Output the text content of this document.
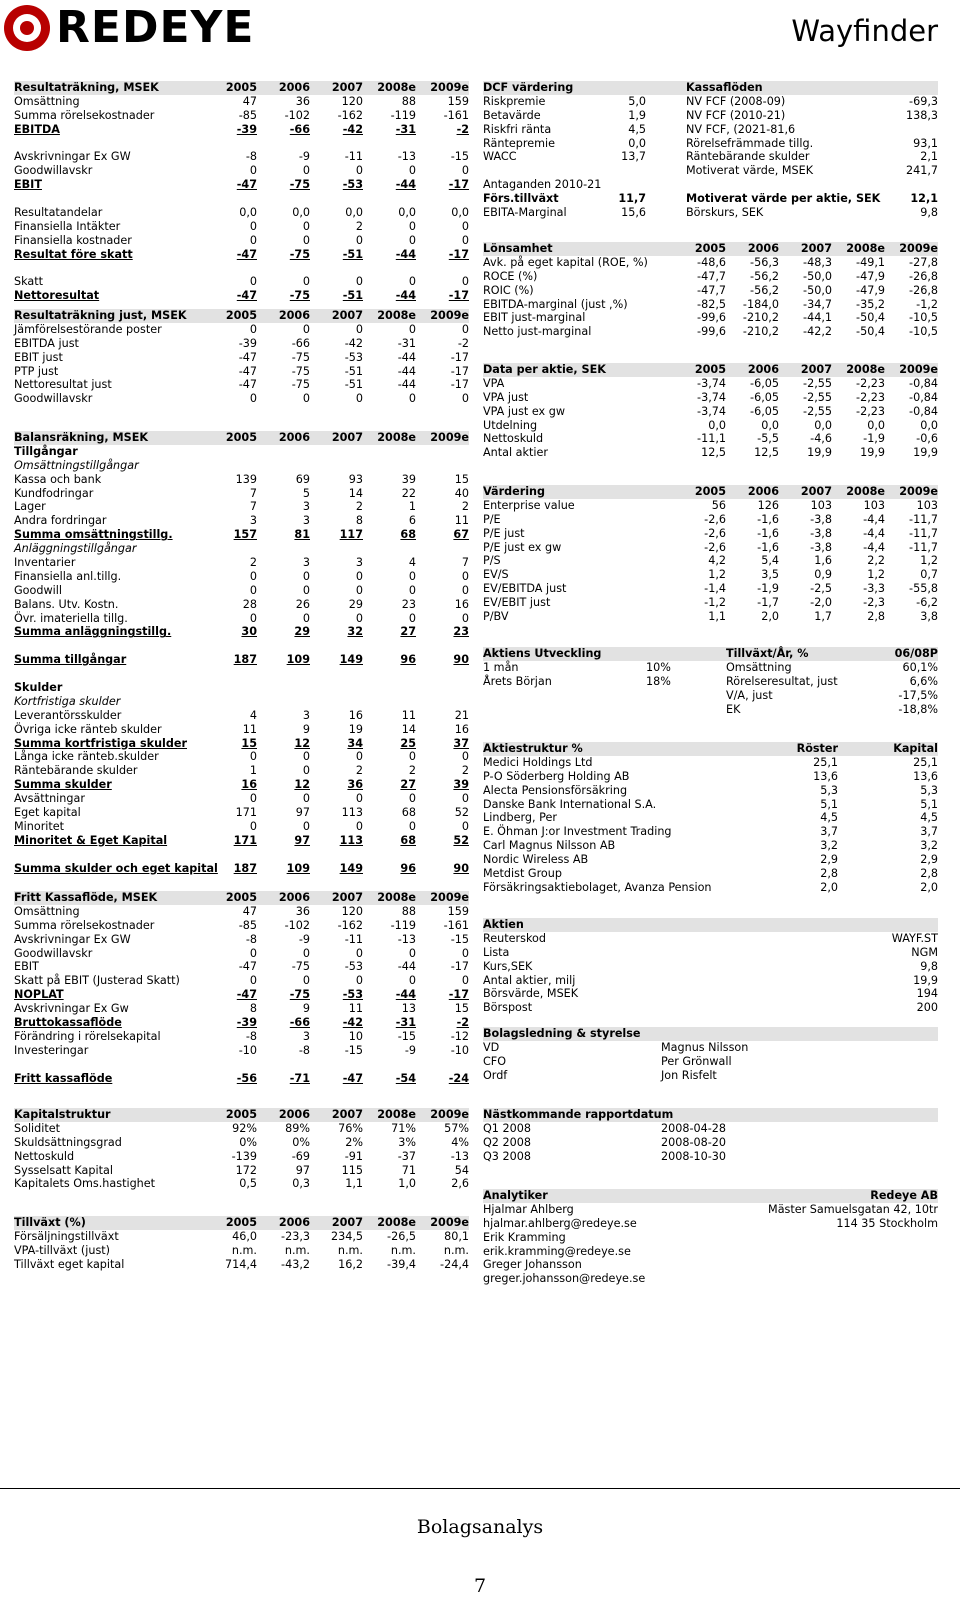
REDEYE	Wayfinder
Resultaträkning, MSEK	2005	2006	2007	2008e	2009e
Omsättning	47	36	120	88	159
Summa rörelsekostnader	-85	-102	-162	-119	-161
EBITDA	-39	-66	-42	-31	-2
Avskrivningar Ex GW	-8	-9	-11	-13	-15
Goodwillavskr	0	0	0	0	0
EBIT	-47	-75	-53	-44	-17
Resultatandelar	0,0	0,0	0,0	0,0	0,0
Finansiella Intäkter	0	0	2	0	0
Finansiella kostnader	0	0	0	0	0
Resultat före skatt	-47	-75	-51	-44	-17
Skatt	0	0	0	0	0
Nettoresultat	-47	-75	-51	-44	-17
Resultaträkning just, MSEK	2005	2006	2007	2008e	2009e
Jämförelsestörande poster	0	0	0	0	0
EBITDA just	-39	-66	-42	-31	-2
EBIT just	-47	-75	-53	-44	-17
PTP just	-47	-75	-51	-44	-17
Nettoresultat just	-47	-75	-51	-44	-17
Goodwillavskr	0	0	0	0	0
Balansräkning, MSEK	2005	2006	2007	2008e	2009e
Tillgångar
Omsättningstillgångar
Kassa och bank	139	69	93	39	15
Kundfodringar	7	5	14	22	40
Lager	7	3	2	1	2
Andra fordringar	3	3	8	6	11
Summa omsättningstillg.	157	81	117	68	67
Anläggningstillgångar
Inventarier	2	3	3	4	7
Finansiella anl.tillg.	0	0	0	0	0
Goodwill	0	0	0	0	0
Balans. Utv. Kostn.	28	26	29	23	16
Övr. imateriella tillg.	0	0	0	0	0
Summa anläggningstillg.	30	29	32	27	23
Summa tillgångar	187	109	149	96	90
Skulder
Kortfristiga skulder
Leverantörsskulder	4	3	16	11	21
Övriga icke ränteb skulder	11	9	19	14	16
Summa kortfristiga skulder	15	12	34	25	37
Långa icke ränteb.skulder	0	0	0	0	0
Räntebärande skulder	1	0	2	2	2
Summa skulder	16	12	36	27	39
Avsättningar	0	0	0	0	0
Eget kapital	171	97	113	68	52
Minoritet	0	0	0	0	0
Minoritet & Eget Kapital	171	97	113	68	52
Summa skulder och eget kapital	187	109	149	96	90
Fritt Kassaflöde, MSEK	2005	2006	2007	2008e	2009e
Omsättning	47	36	120	88	159
Summa rörelsekostnader	-85	-102	-162	-119	-161
Avskrivningar Ex GW	-8	-9	-11	-13	-15
Goodwillavskr	0	0	0	0	0
EBIT	-47	-75	-53	-44	-17
Skatt på EBIT (Justerad Skatt)	0	0	0	0	0
NOPLAT	-47	-75	-53	-44	-17
Avskrivningar Ex Gw	8	9	11	13	15
Bruttokassaflöde	-39	-66	-42	-31	-2
Förändring i rörelsekapital	-8	3	10	-15	-12
Investeringar	-10	-8	-15	-9	-10
Fritt kassaflöde	-56	-71	-47	-54	-24
Kapitalstruktur	2005	2006	2007	2008e	2009e
Soliditet	92%	89%	76%	71%	57%
Skuldsättningsgrad	0%	0%	2%	3%	4%
Nettoskuld	-139	-69	-91	-37	-13
Sysselsatt Kapital	172	97	115	71	54
Kapitalets Oms.hastighet	0,5	0,3	1,1	1,0	2,6
Tillväxt (%)	2005	2006	2007	2008e	2009e
Försäljningstillväxt	46,0	-23,3	234,5	-26,5	80,1
VPA-tillväxt (just)	n.m.	n.m.	n.m.	n.m.	n.m.
Tillväxt eget kapital	714,4	-43,2	16,2	-39,4	-24,4
DCF värdering	Kassaflöden
Riskpremie	5,0	NV FCF (2008-09)	-69,3
Betavärde	1,9	NV FCF (2010-21)	138,3
Riskfri ränta	4,5	NV FCF, (2021-81,6
Räntepremie	0,0	Rörelsefrämmade tillg.	93,1
WACC	13,7	Räntebärande skulder	2,1
Motiverat värde, MSEK	241,7
Antaganden 2010-21
Förs.tillväxt	11,7	Motiverat värde per aktie, SEK	12,1
EBITA-Marginal	15,6	Börskurs, SEK	9,8
Lönsamhet	2005	2006	2007	2008e	2009e
Avk. på eget kapital (ROE, %)	-48,6	-56,3	-48,3	-49,1	-27,8
ROCE (%)	-47,7	-56,2	-50,0	-47,9	-26,8
ROIC (%)	-47,7	-56,2	-50,0	-47,9	-26,8
EBITDA-marginal (just ,%)	-82,5	-184,0	-34,7	-35,2	-1,2
EBIT just-marginal	-99,6	-210,2	-44,1	-50,4	-10,5
Netto just-marginal	-99,6	-210,2	-42,2	-50,4	-10,5
Data per aktie, SEK	2005	2006	2007	2008e	2009e
VPA	-3,74	-6,05	-2,55	-2,23	-0,84
VPA just	-3,74	-6,05	-2,55	-2,23	-0,84
VPA just ex gw	-3,74	-6,05	-2,55	-2,23	-0,84
Utdelning	0,0	0,0	0,0	0,0	0,0
Nettoskuld	-11,1	-5,5	-4,6	-1,9	-0,6
Antal aktier	12,5	12,5	19,9	19,9	19,9
Värdering	2005	2006	2007	2008e	2009e
Enterprise value	56	126	103	103	103
P/E	-2,6	-1,6	-3,8	-4,4	-11,7
P/E just	-2,6	-1,6	-3,8	-4,4	-11,7
P/E just ex gw	-2,6	-1,6	-3,8	-4,4	-11,7
P/S	4,2	5,4	1,6	2,2	1,2
EV/S	1,2	3,5	0,9	1,2	0,7
EV/EBITDA just	-1,4	-1,9	-2,5	-3,3	-55,8
EV/EBIT just	-1,2	-1,7	-2,0	-2,3	-6,2
P/BV	1,1	2,0	1,7	2,8	3,8
Aktiens Utveckling	Tillväxt/År, %	06/08P
1 mån	10%	Omsättning	60,1%
Årets Början	18%	Rörelseresultat, just	6,6%
V/A, just	-17,5%
EK	-18,8%
Aktiestruktur %	Röster	Kapital
Medici Holdings Ltd	25,1	25,1
P-O Söderberg Holding AB	13,6	13,6
Alecta Pensionsförsäkring	5,3	5,3
Danske Bank International S.A.	5,1	5,1
Lindberg, Per	4,5	4,5
E. Öhman J:or Investment Trading	3,7	3,7
Carl Magnus Nilsson AB	3,2	3,2
Nordic Wireless AB	2,9	2,9
Metdist Group	2,8	2,8
Försäkringsaktiebolaget, Avanza Pension	2,0	2,0
Aktien
Reuterskod	WAYF.ST
Lista	NGM
Kurs,SEK	9,8
Antal aktier, milj	19,9
Börsvärde, MSEK	194
Börspost	200
Bolagsledning & styrelse
VD	Magnus Nilsson
CFO	Per Grönwall
Ordf	Jon Risfelt
Nästkommande rapportdatum
Q1 2008	2008-04-28
Q2 2008	2008-08-20
Q3 2008	2008-10-30
Analytiker	Redeye AB
Hjalmar Ahlberg	Mäster Samuelsgatan 42, 10tr
hjalmar.ahlberg@redeye.se	114 35 Stockholm
Erik Kramming
erik.kramming@redeye.se
Greger Johansson
greger.johansson@redeye.se
Bolagsanalys
7
